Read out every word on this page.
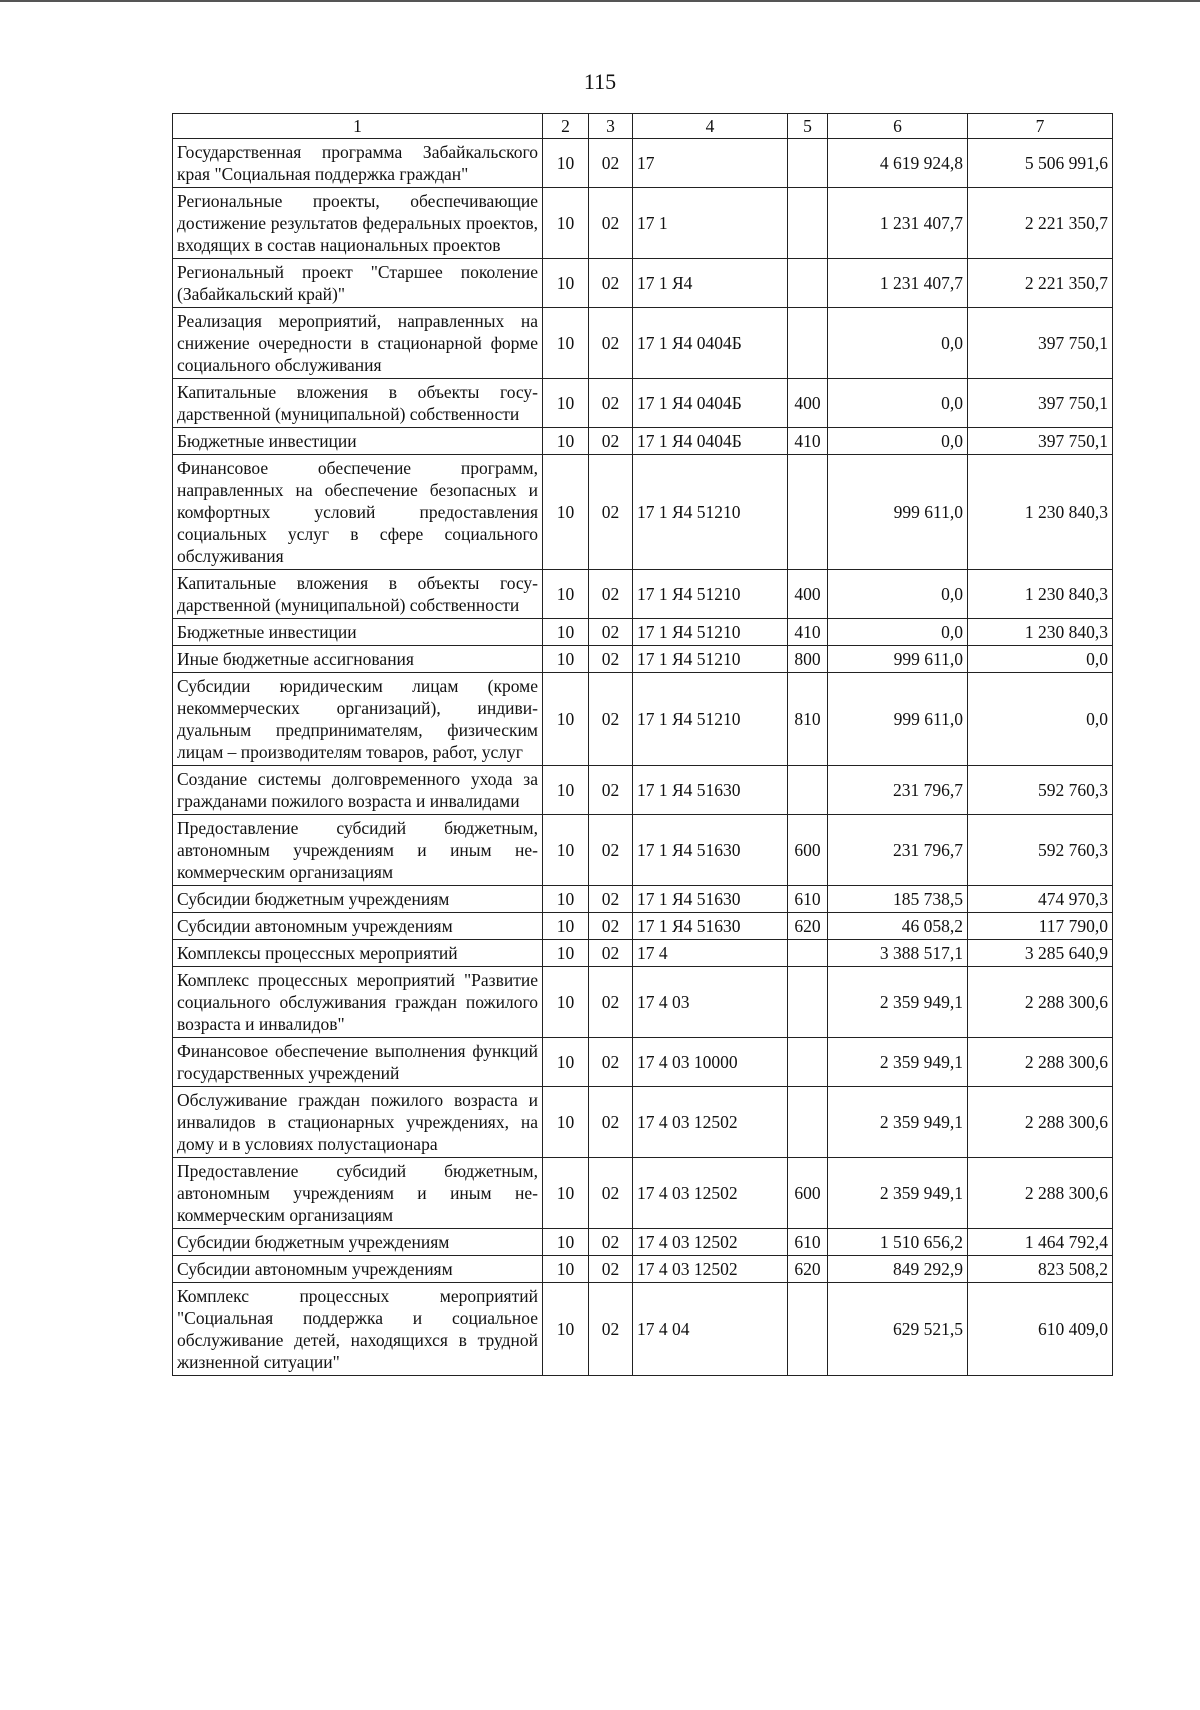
115
1	2	3	4	5	6	7
Государственная программа Забайкальского края "Социальная поддержка граждан"	10	02	17		4 619 924,8	5 506 991,6
Региональные проекты, обеспечивающие достижение результатов федеральных проектов, входящих в состав национальных проектов	10	02	17 1		1 231 407,7	2 221 350,7
Региональный проект "Старшее поколение (Забайкальский край)"	10	02	17 1 Я4		1 231 407,7	2 221 350,7
Реализация мероприятий, направленных на снижение очередности в стационарной форме социального обслуживания	10	02	17 1 Я4 0404Б		0,0	397 750,1
Капитальные вложения в объекты государственной (муниципальной) собственности	10	02	17 1 Я4 0404Б	400	0,0	397 750,1
Бюджетные инвестиции	10	02	17 1 Я4 0404Б	410	0,0	397 750,1
Финансовое обеспечение программ, направленных на обеспечение безопасных и комфортных условий предоставления социальных услуг в сфере социального обслуживания	10	02	17 1 Я4 51210		999 611,0	1 230 840,3
Капитальные вложения в объекты государственной (муниципальной) собственности	10	02	17 1 Я4 51210	400	0,0	1 230 840,3
Бюджетные инвестиции	10	02	17 1 Я4 51210	410	0,0	1 230 840,3
Иные бюджетные ассигнования	10	02	17 1 Я4 51210	800	999 611,0	0,0
Субсидии юридическим лицам (кроме некоммерческих организаций), индивидуальным предпринимателям, физическим лицам – производителям товаров, работ, услуг	10	02	17 1 Я4 51210	810	999 611,0	0,0
Создание системы долговременного ухода за гражданами пожилого возраста и инвалидами	10	02	17 1 Я4 51630		231 796,7	592 760,3
Предоставление субсидий бюджетным, автономным учреждениям и иным некоммерческим организациям	10	02	17 1 Я4 51630	600	231 796,7	592 760,3
Субсидии бюджетным учреждениям	10	02	17 1 Я4 51630	610	185 738,5	474 970,3
Субсидии автономным учреждениям	10	02	17 1 Я4 51630	620	46 058,2	117 790,0
Комплексы процессных мероприятий	10	02	17 4		3 388 517,1	3 285 640,9
Комплекс процессных мероприятий "Развитие социального обслуживания граждан пожилого возраста и инвалидов"	10	02	17 4 03		2 359 949,1	2 288 300,6
Финансовое обеспечение выполнения функций государственных учреждений	10	02	17 4 03 10000		2 359 949,1	2 288 300,6
Обслуживание граждан пожилого возраста и инвалидов в стационарных учреждениях, на дому и в условиях полустационара	10	02	17 4 03 12502		2 359 949,1	2 288 300,6
Предоставление субсидий бюджетным, автономным учреждениям и иным некоммерческим организациям	10	02	17 4 03 12502	600	2 359 949,1	2 288 300,6
Субсидии бюджетным учреждениям	10	02	17 4 03 12502	610	1 510 656,2	1 464 792,4
Субсидии автономным учреждениям	10	02	17 4 03 12502	620	849 292,9	823 508,2
Комплекс процессных мероприятий "Социальная поддержка и социальное обслуживание детей, находящихся в трудной жизненной ситуации"	10	02	17 4 04		629 521,5	610 409,0
